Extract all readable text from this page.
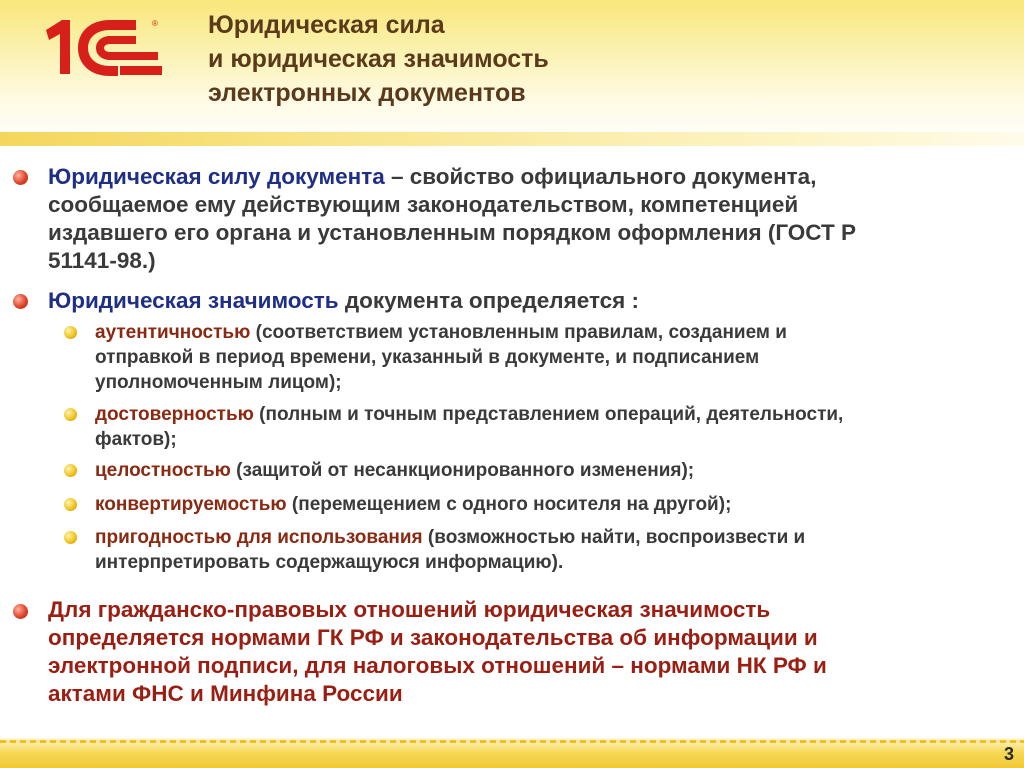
® Юридическая сила
и юридическая значимость
электронных документов
Юридическая силу документа – свойство официального документа,
сообщаемое ему действующим законодательством, компетенцией
издавшего его органа и установленным порядком оформления (ГОСТ Р
51141-98.)
Юридическая значимость документа определяется :
аутентичностью (соответствием установленным правилам, созданием и
отправкой в период времени, указанный в документе, и подписанием
уполномоченным лицом);
достоверностью (полным и точным представлением операций, деятельности,
фактов);
целостностью (защитой от несанкционированного изменения);
конвертируемостью (перемещением с одного носителя на другой);
пригодностью для использования (возможностью найти, воспроизвести и
интерпретировать содержащуюся информацию).
Для гражданско-правовых отношений юридическая значимость
определяется нормами ГК РФ и законодательства об информации и
электронной подписи, для налоговых отношений – нормами НК РФ и
актами ФНС и Минфина России
3
